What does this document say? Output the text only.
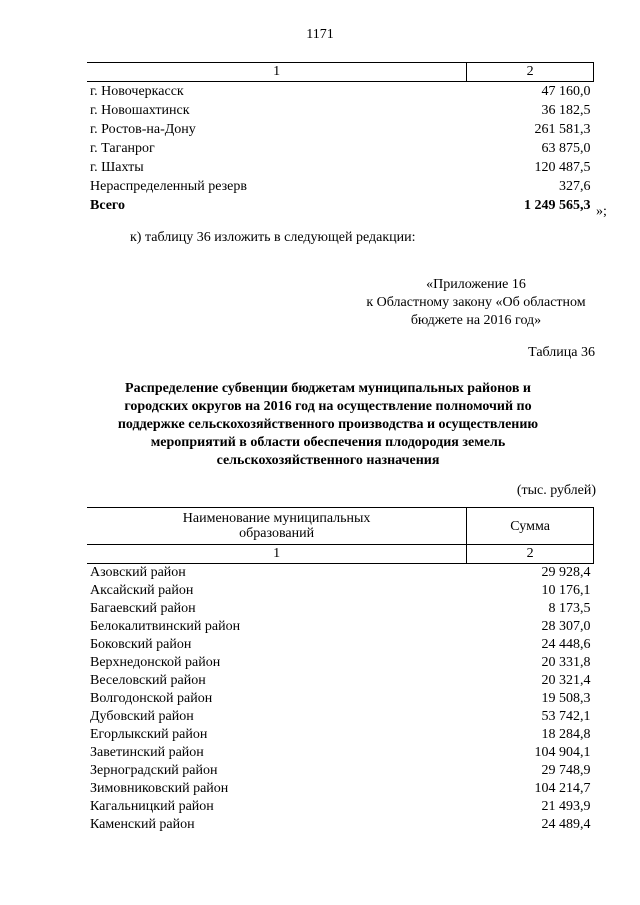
1171
1	2
г. Новочеркасск	47 160,0
г. Новошахтинск	36 182,5
г. Ростов-на-Дону	261 581,3
г. Таганрог	63 875,0
г. Шахты	120 487,5
Нераспределенный резерв	327,6
Всего	1 249 565,3 »;
к) таблицу 36 изложить в следующей редакции:
«Приложение 16
к Областному закону «Об областном
бюджете на 2016 год»
Таблица 36
Распределение субвенции бюджетам муниципальных районов и
городских округов на 2016 год на осуществление полномочий по
поддержке сельскохозяйственного производства и осуществлению
мероприятий в области обеспечения плодородия земель
сельскохозяйственного назначения
(тыс. рублей)
Наименование муниципальных
образований	Сумма
1	2
Азовский район	29 928,4
Аксайский район	10 176,1
Багаевский район	8 173,5
Белокалитвинский район	28 307,0
Боковский район	24 448,6
Верхнедонской район	20 331,8
Веселовский район	20 321,4
Волгодонской район	19 508,3
Дубовский район	53 742,1
Егорлыкский район	18 284,8
Заветинский район	104 904,1
Зерноградский район	29 748,9
Зимовниковский район	104 214,7
Кагальницкий район	21 493,9
Каменский район	24 489,4
